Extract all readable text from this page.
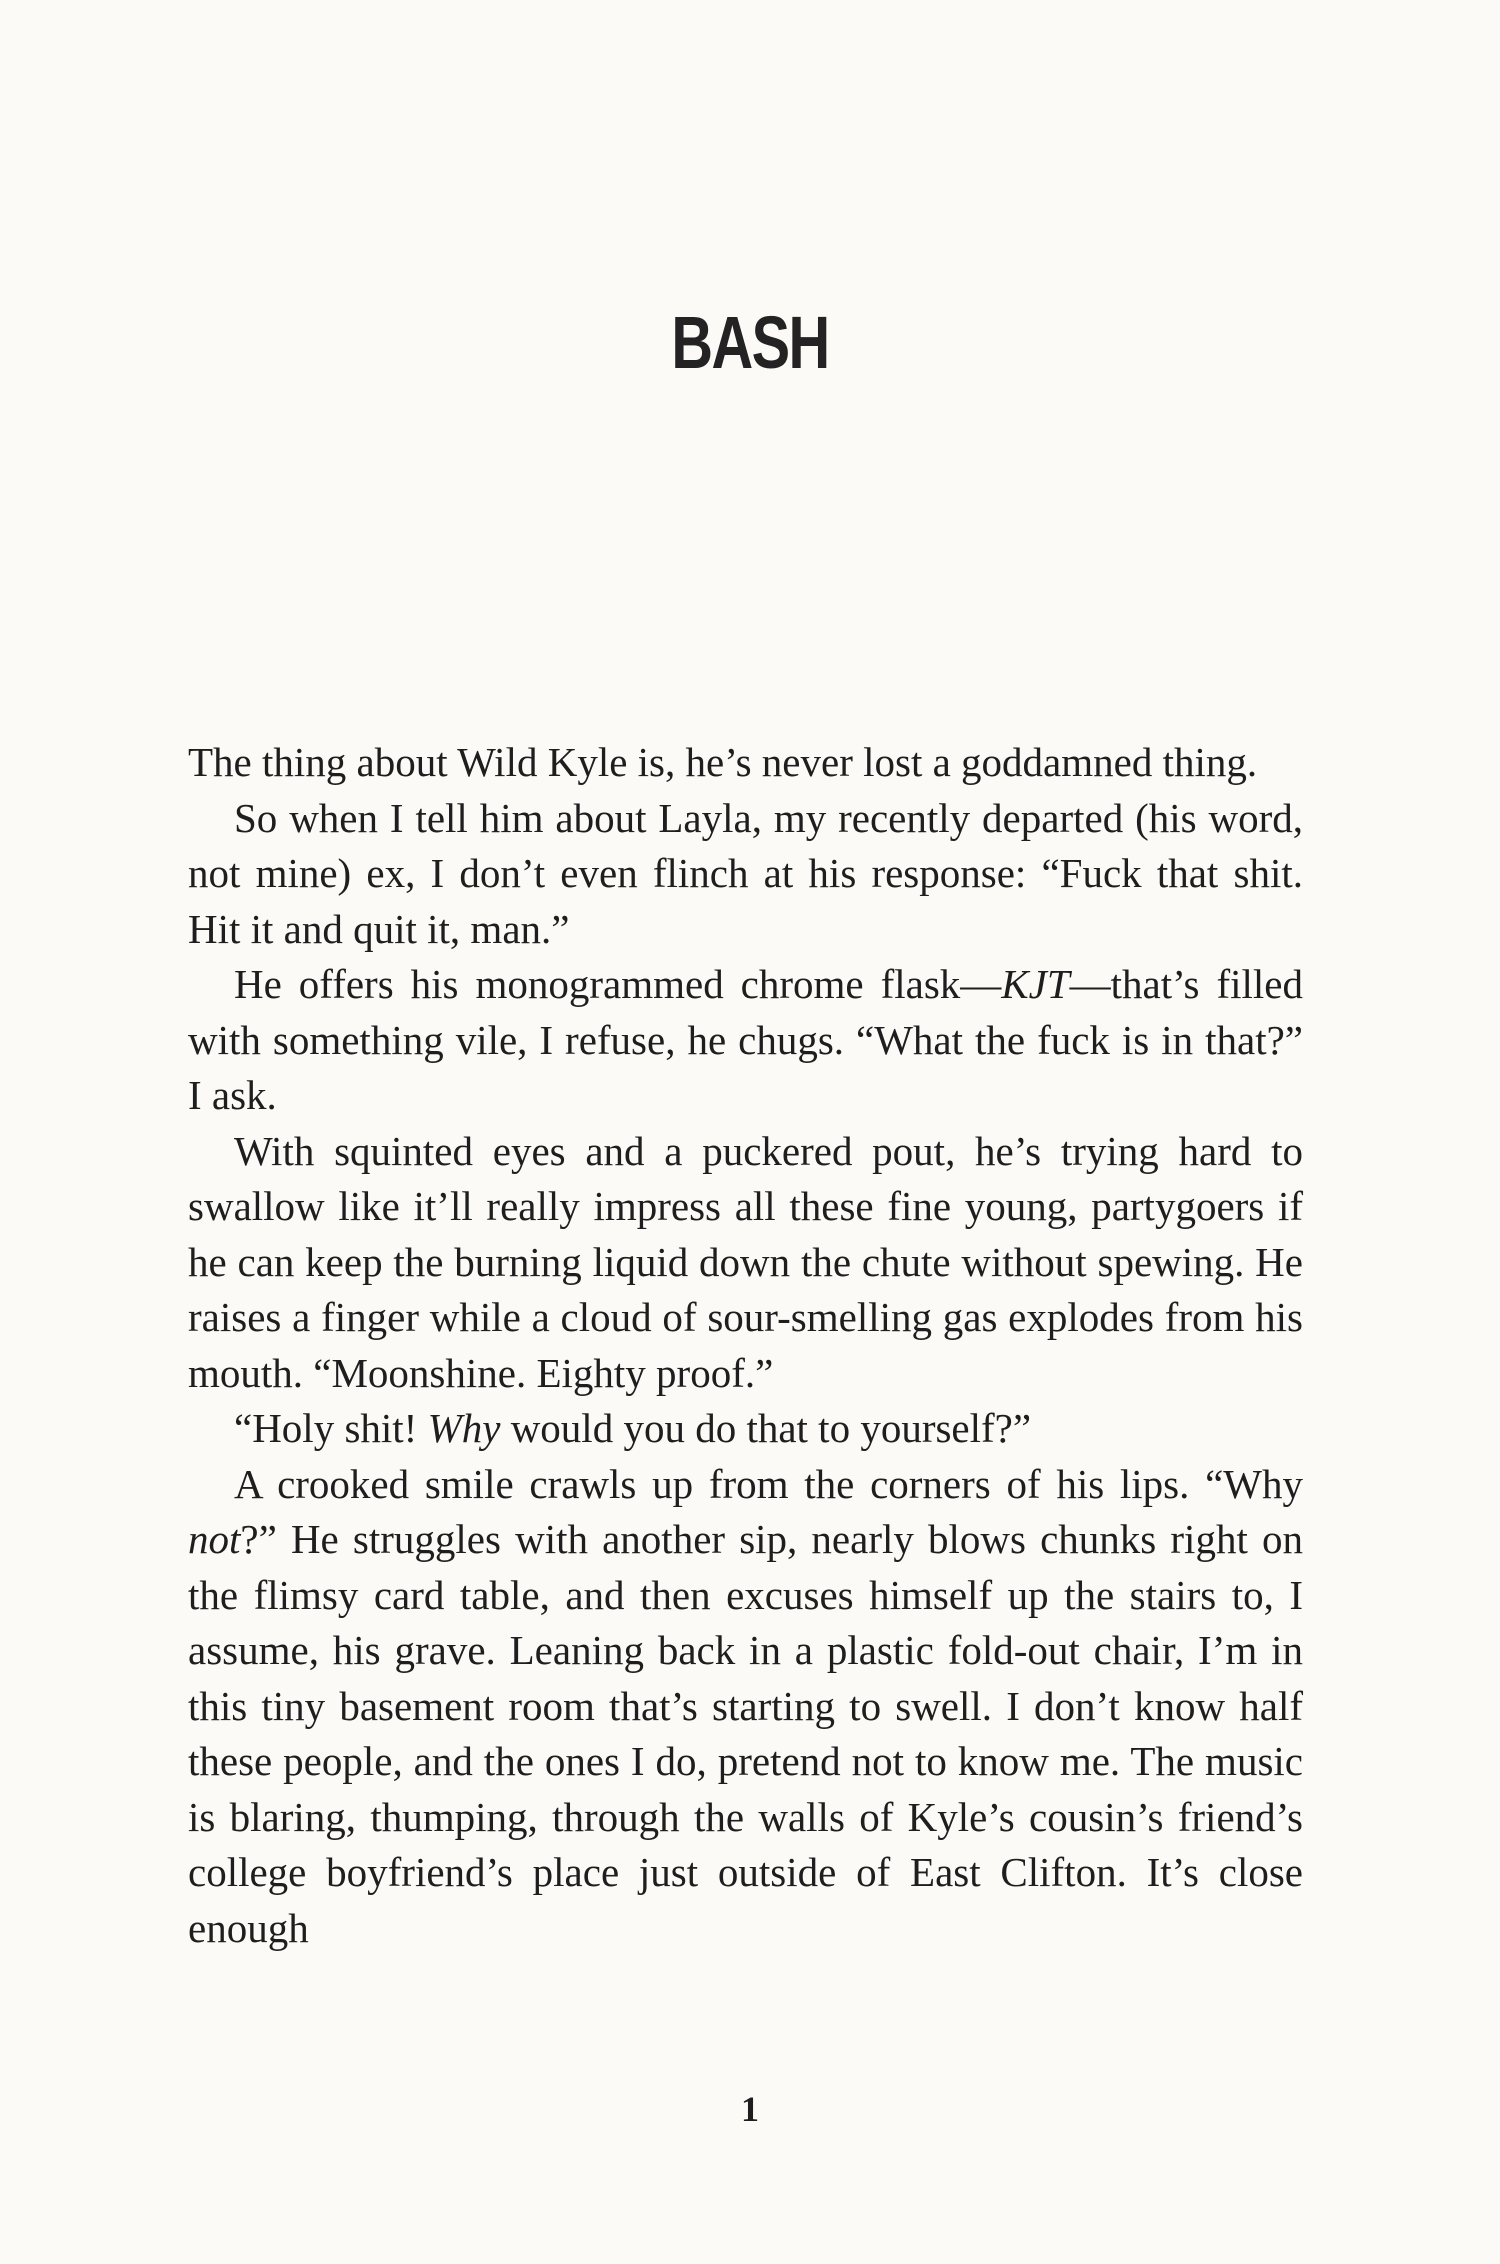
BASH

The thing about Wild Kyle is, he’s never lost a goddamned thing.

So when I tell him about Layla, my recently departed (his word, not mine) ex, I don’t even flinch at his response: “Fuck that shit. Hit it and quit it, man.”

He offers his monogrammed chrome flask—KJT—that’s filled with something vile, I refuse, he chugs. “What the fuck is in that?” I ask.

With squinted eyes and a puckered pout, he’s trying hard to swallow like it’ll really impress all these fine young, partygoers if he can keep the burning liquid down the chute without spewing. He raises a finger while a cloud of sour-smelling gas explodes from his mouth. “Moonshine. Eighty proof.”

“Holy shit! Why would you do that to yourself?”

A crooked smile crawls up from the corners of his lips. “Why not?” He struggles with another sip, nearly blows chunks right on the flimsy card table, and then excuses himself up the stairs to, I assume, his grave. Leaning back in a plastic fold-out chair, I’m in this tiny basement room that’s starting to swell. I don’t know half these people, and the ones I do, pretend not to know me. The music is blaring, thumping, through the walls of Kyle’s cousin’s friend’s college boyfriend’s place just outside of East Clifton. It’s close enough

1
